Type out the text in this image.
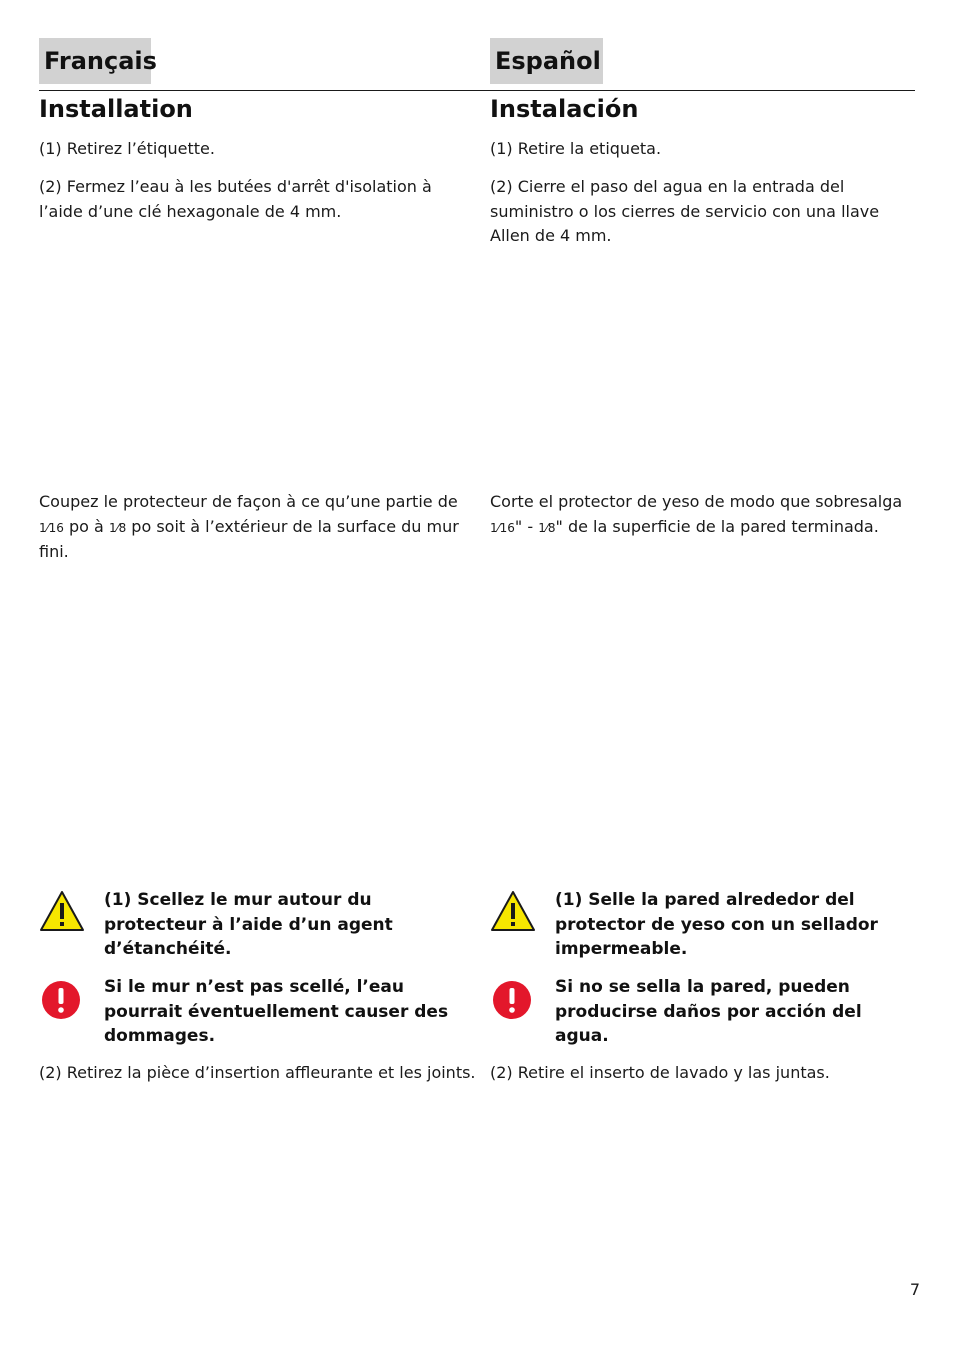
Français	Español
Installation

(1) Retirez l’étiquette.

(2) Fermez l’eau à les butées d'arrêt d'isolation à l’aide d’une clé hexagonale de 4 mm.

Coupez le protecteur de façon à ce qu’une partie de 1⁄16 po à 1⁄8 po soit à l’extérieur de la surface du mur fini.

(1) Scellez le mur autour du protecteur à l’aide d’un agent d’étanchéité.

Si le mur n’est pas scellé, l’eau pourrait éventuellement causer des dommages.

(2) Retirez la pièce d’insertion affleurante et les joints.

Instalación

(1) Retire la etiqueta.

(2) Cierre el paso del agua en la entrada del suministro o los cierres de servicio con una llave Allen de 4 mm.

Corte el protector de yeso de modo que sobresalga 1⁄16" - 1⁄8" de la superficie de la pared terminada.

(1) Selle la pared alrededor del protector de yeso con un sellador impermeable.

Si no se sella la pared, pueden producirse daños por acción del agua.

(2) Retire el inserto de lavado y las juntas.

7
